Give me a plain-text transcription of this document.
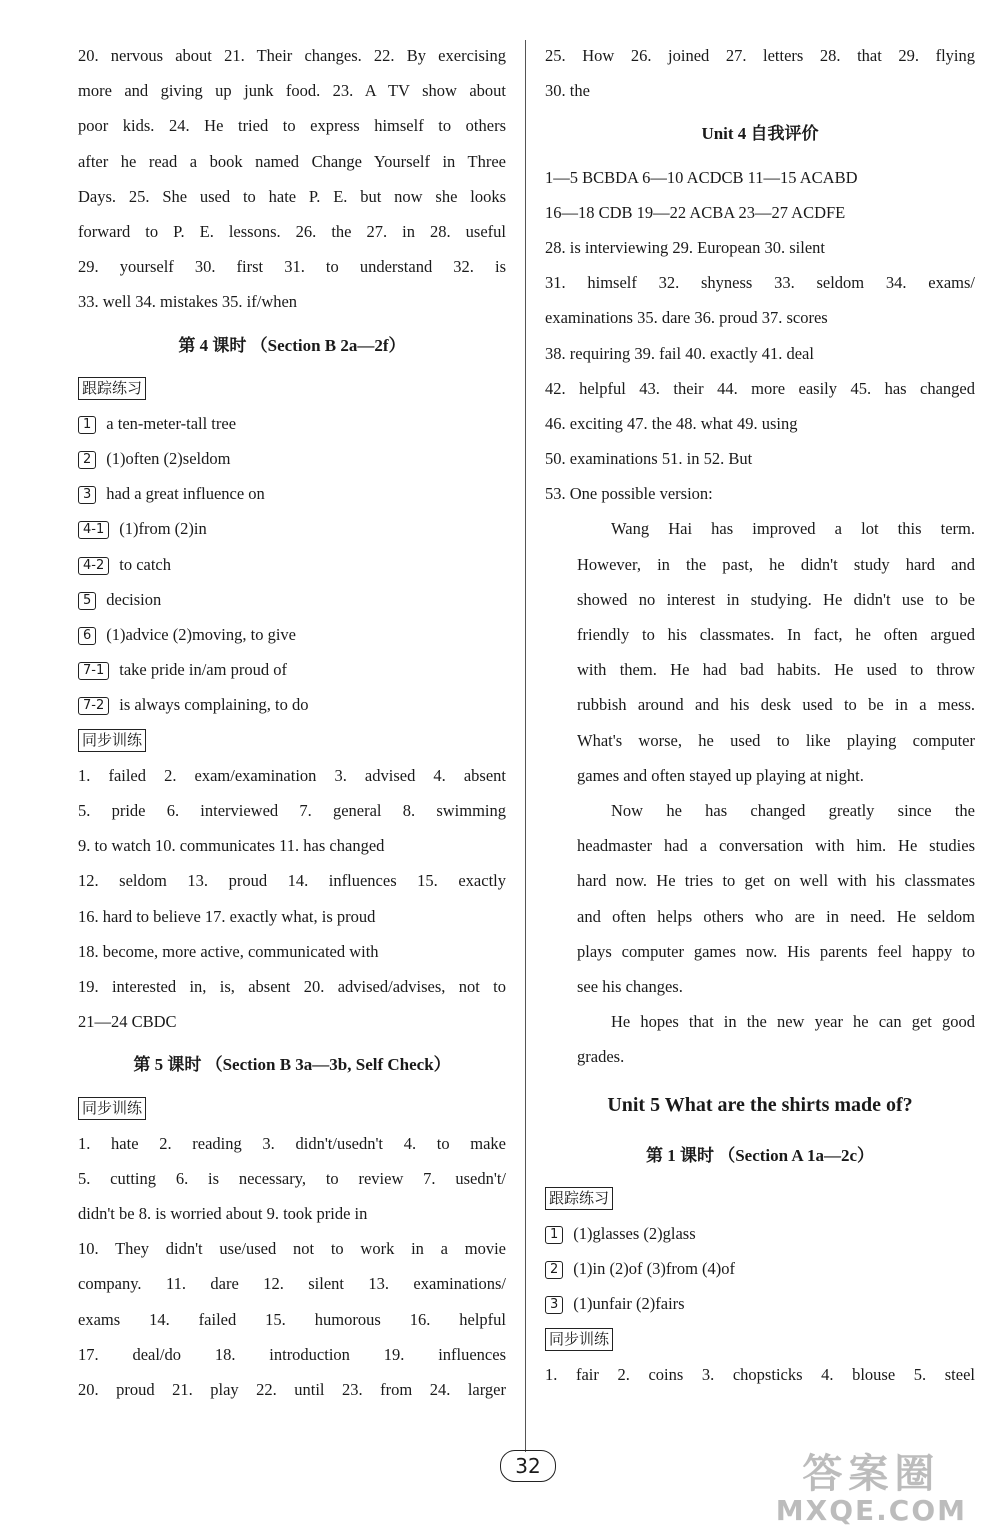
20. nervous about 21. Their changes. 22. By exercising
more and giving up junk food. 23. A TV show about
poor kids. 24. He tried to express himself to others
after he read a book named Change Yourself in Three
Days. 25. She used to hate P. E. but now she looks
forward to P. E. lessons. 26. the 27. in 28. useful
29. yourself 30. first 31. to understand 32. is
33. well 34. mistakes 35. if/when
第 4 课时 （Section B 2a—2f）
跟踪练习
1 a ten-meter-tall tree
2 (1)often (2)seldom
3 had a great influence on
4-1 (1)from (2)in
4-2 to catch
5 decision
6 (1)advice (2)moving, to give
7-1 take pride in/am proud of
7-2 is always complaining, to do
同步训练
1. failed 2. exam/examination 3. advised 4. absent
5. pride 6. interviewed 7. general 8. swimming
9. to watch 10. communicates 11. has changed
12. seldom 13. proud 14. influences 15. exactly
16. hard to believe 17. exactly what, is proud
18. become, more active, communicated with
19. interested in, is, absent 20. advised/advises, not to
21—24 CBDC
第 5 课时 （Section B 3a—3b, Self Check）
同步训练
1. hate 2. reading 3. didn't/usedn't 4. to make
5. cutting 6. is necessary, to review 7. usedn't/
didn't be 8. is worried about 9. took pride in
10. They didn't use/used not to work in a movie
company. 11. dare 12. silent 13. examinations/
exams 14. failed 15. humorous 16. helpful
17. deal/do 18. introduction 19. influences
20. proud 21. play 22. until 23. from 24. larger
25. How 26. joined 27. letters 28. that 29. flying
30. the
Unit 4 自我评价
1—5 BCBDA 6—10 ACDCB 11—15 ACABD
16—18 CDB 19—22 ACBA 23—27 ACDFE
28. is interviewing 29. European 30. silent
31. himself 32. shyness 33. seldom 34. exams/
examinations 35. dare 36. proud 37. scores
38. requiring 39. fail 40. exactly 41. deal
42. helpful 43. their 44. more easily 45. has changed
46. exciting 47. the 48. what 49. using
50. examinations 51. in 52. But
53. One possible version:
Wang Hai has improved a lot this term.
However, in the past, he didn't study hard and
showed no interest in studying. He didn't use to be
friendly to his classmates. In fact, he often argued
with them. He had bad habits. He used to throw
rubbish around and his desk used to be in a mess.
What's worse, he used to like playing computer
games and often stayed up playing at night.
Now he has changed greatly since the
headmaster had a conversation with him. He studies
hard now. He tries to get on well with his classmates
and often helps others who are in need. He seldom
plays computer games now. His parents feel happy to
see his changes.
He hopes that in the new year he can get good
grades.
Unit 5 What are the shirts made of?
第 1 课时 （Section A 1a—2c）
跟踪练习
1 (1)glasses (2)glass
2 (1)in (2)of (3)from (4)of
3 (1)unfair (2)fairs
同步训练
1. fair 2. coins 3. chopsticks 4. blouse 5. steel
32	答案圈
MXQE.COM
